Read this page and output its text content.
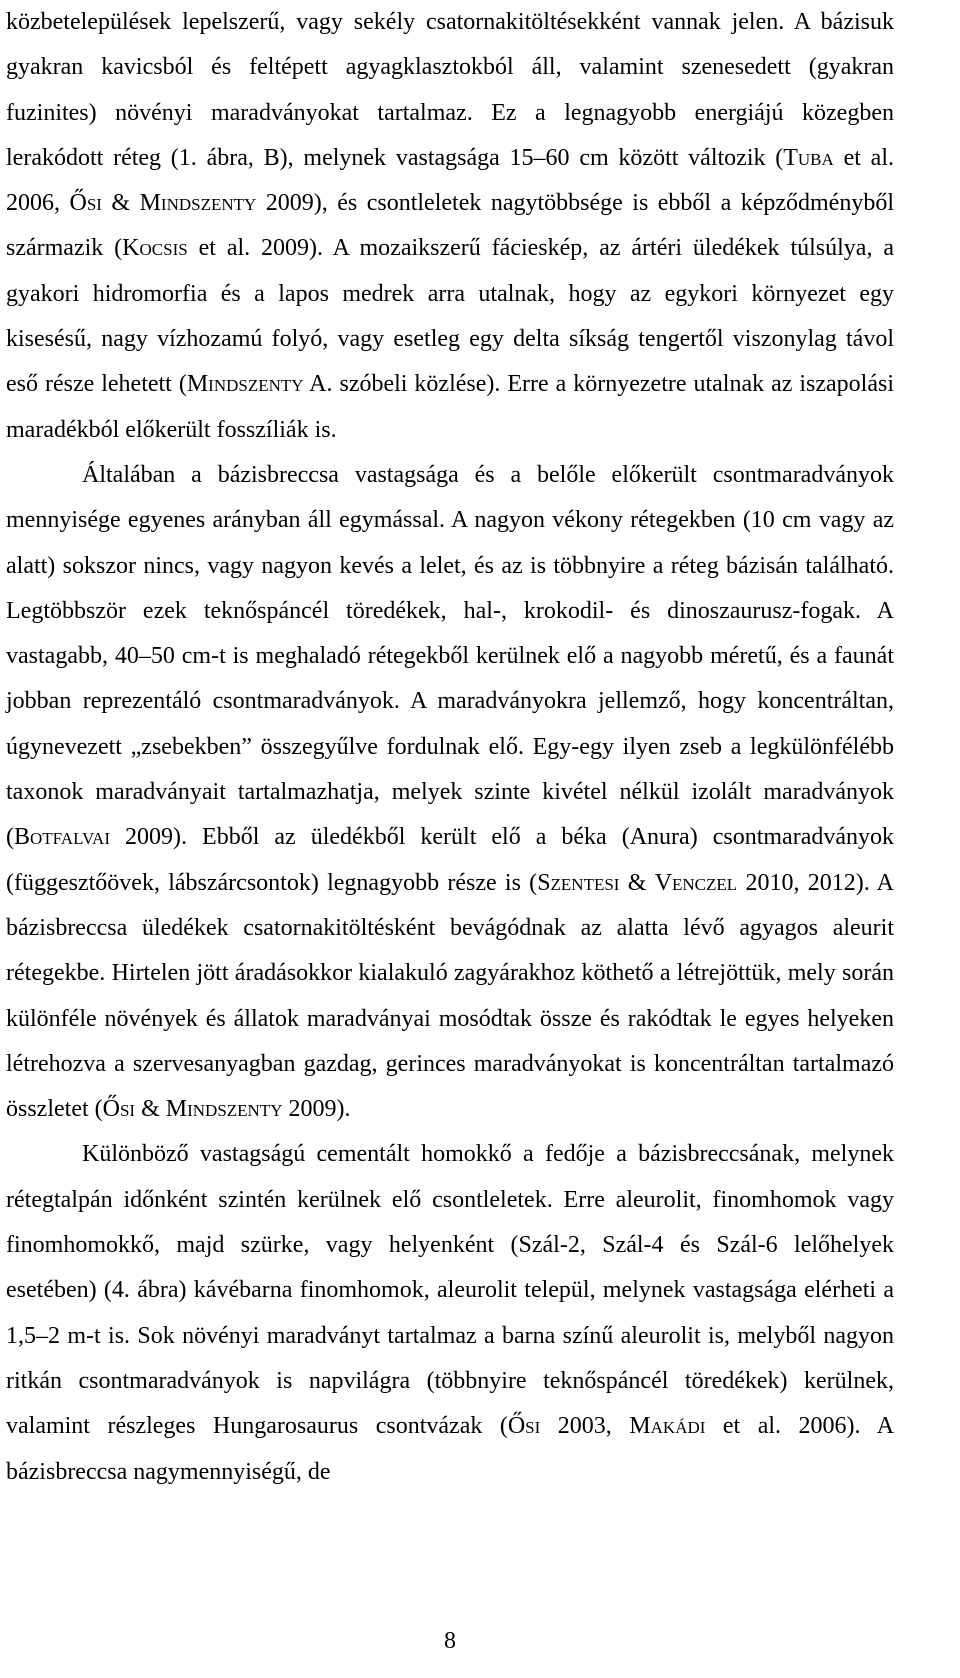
közbetelepülések lepelszerű, vagy sekély csatornakitöltésekként vannak jelen. A bázisuk gyakran kavicsból és feltépett agyagklasztokból áll, valamint szenesedett (gyakran fuzinites) növényi maradványokat tartalmaz. Ez a legnagyobb energiájú közegben lerakódott réteg (1. ábra, B), melynek vastagsága 15–60 cm között változik (Tuba et al. 2006, Ősi & Mindszenty 2009), és csontleletek nagytöbbsége is ebből a képződményből származik (Kocsis et al. 2009). A mozaikszerű fácieskép, az ártéri üledékek túlsúlya, a gyakori hidromorfia és a lapos medrek arra utalnak, hogy az egykori környezet egy kisesésű, nagy vízhozamú folyó, vagy esetleg egy delta síkság tengertől viszonylag távol eső része lehetett (Mindszenty A. szóbeli közlése). Erre a környezetre utalnak az iszapolási maradékból előkerült fosszíliák is.

Általában a bázisbreccsa vastagsága és a belőle előkerült csontmaradványok mennyisége egyenes arányban áll egymással. A nagyon vékony rétegekben (10 cm vagy az alatt) sokszor nincs, vagy nagyon kevés a lelet, és az is többnyire a réteg bázisán található. Legtöbbször ezek teknőspáncél töredékek, hal-, krokodil- és dinoszaurusz-fogak. A vastagabb, 40–50 cm-t is meghaladó rétegekből kerülnek elő a nagyobb méretű, és a faunát jobban reprezentáló csontmaradványok. A maradványokra jellemző, hogy koncentráltan, úgynevezett „zsebekben” összegyűlve fordulnak elő. Egy-egy ilyen zseb a legkülönfélébb taxonok maradványait tartalmazhatja, melyek szinte kivétel nélkül izolált maradványok (Botfalvai 2009). Ebből az üledékből került elő a béka (Anura) csontmaradványok (függesztőövek, lábszárcsontok) legnagyobb része is (Szentesi & Venczel 2010, 2012). A bázisbreccsa üledékek csatornakitöltésként bevágódnak az alatta lévő agyagos aleurit rétegekbe. Hirtelen jött áradásokkor kialakuló zagyárakhoz köthető a létrejöttük, mely során különféle növények és állatok maradványai mosódtak össze és rakódtak le egyes helyeken létrehozva a szervesanyagban gazdag, gerinces maradványokat is koncentráltan tartalmazó összletet (Ősi & Mindszenty 2009).

Különböző vastagságú cementált homokkő a fedője a bázisbreccsának, melynek rétegtalpán időnként szintén kerülnek elő csontleletek. Erre aleurolit, finomhomok vagy finomhomokkő, majd szürke, vagy helyenként (Szál-2, Szál-4 és Szál-6 lelőhelyek esetében) (4. ábra) kávébarna finomhomok, aleurolit települ, melynek vastagsága elérheti a 1,5–2 m-t is. Sok növényi maradványt tartalmaz a barna színű aleurolit is, melyből nagyon ritkán csontmaradványok is napvilágra (többnyire teknőspáncél töredékek) kerülnek, valamint részleges Hungarosaurus csontvázak (Ősi 2003, Makádi et al. 2006). A bázisbreccsa nagymennyiségű, de

8
